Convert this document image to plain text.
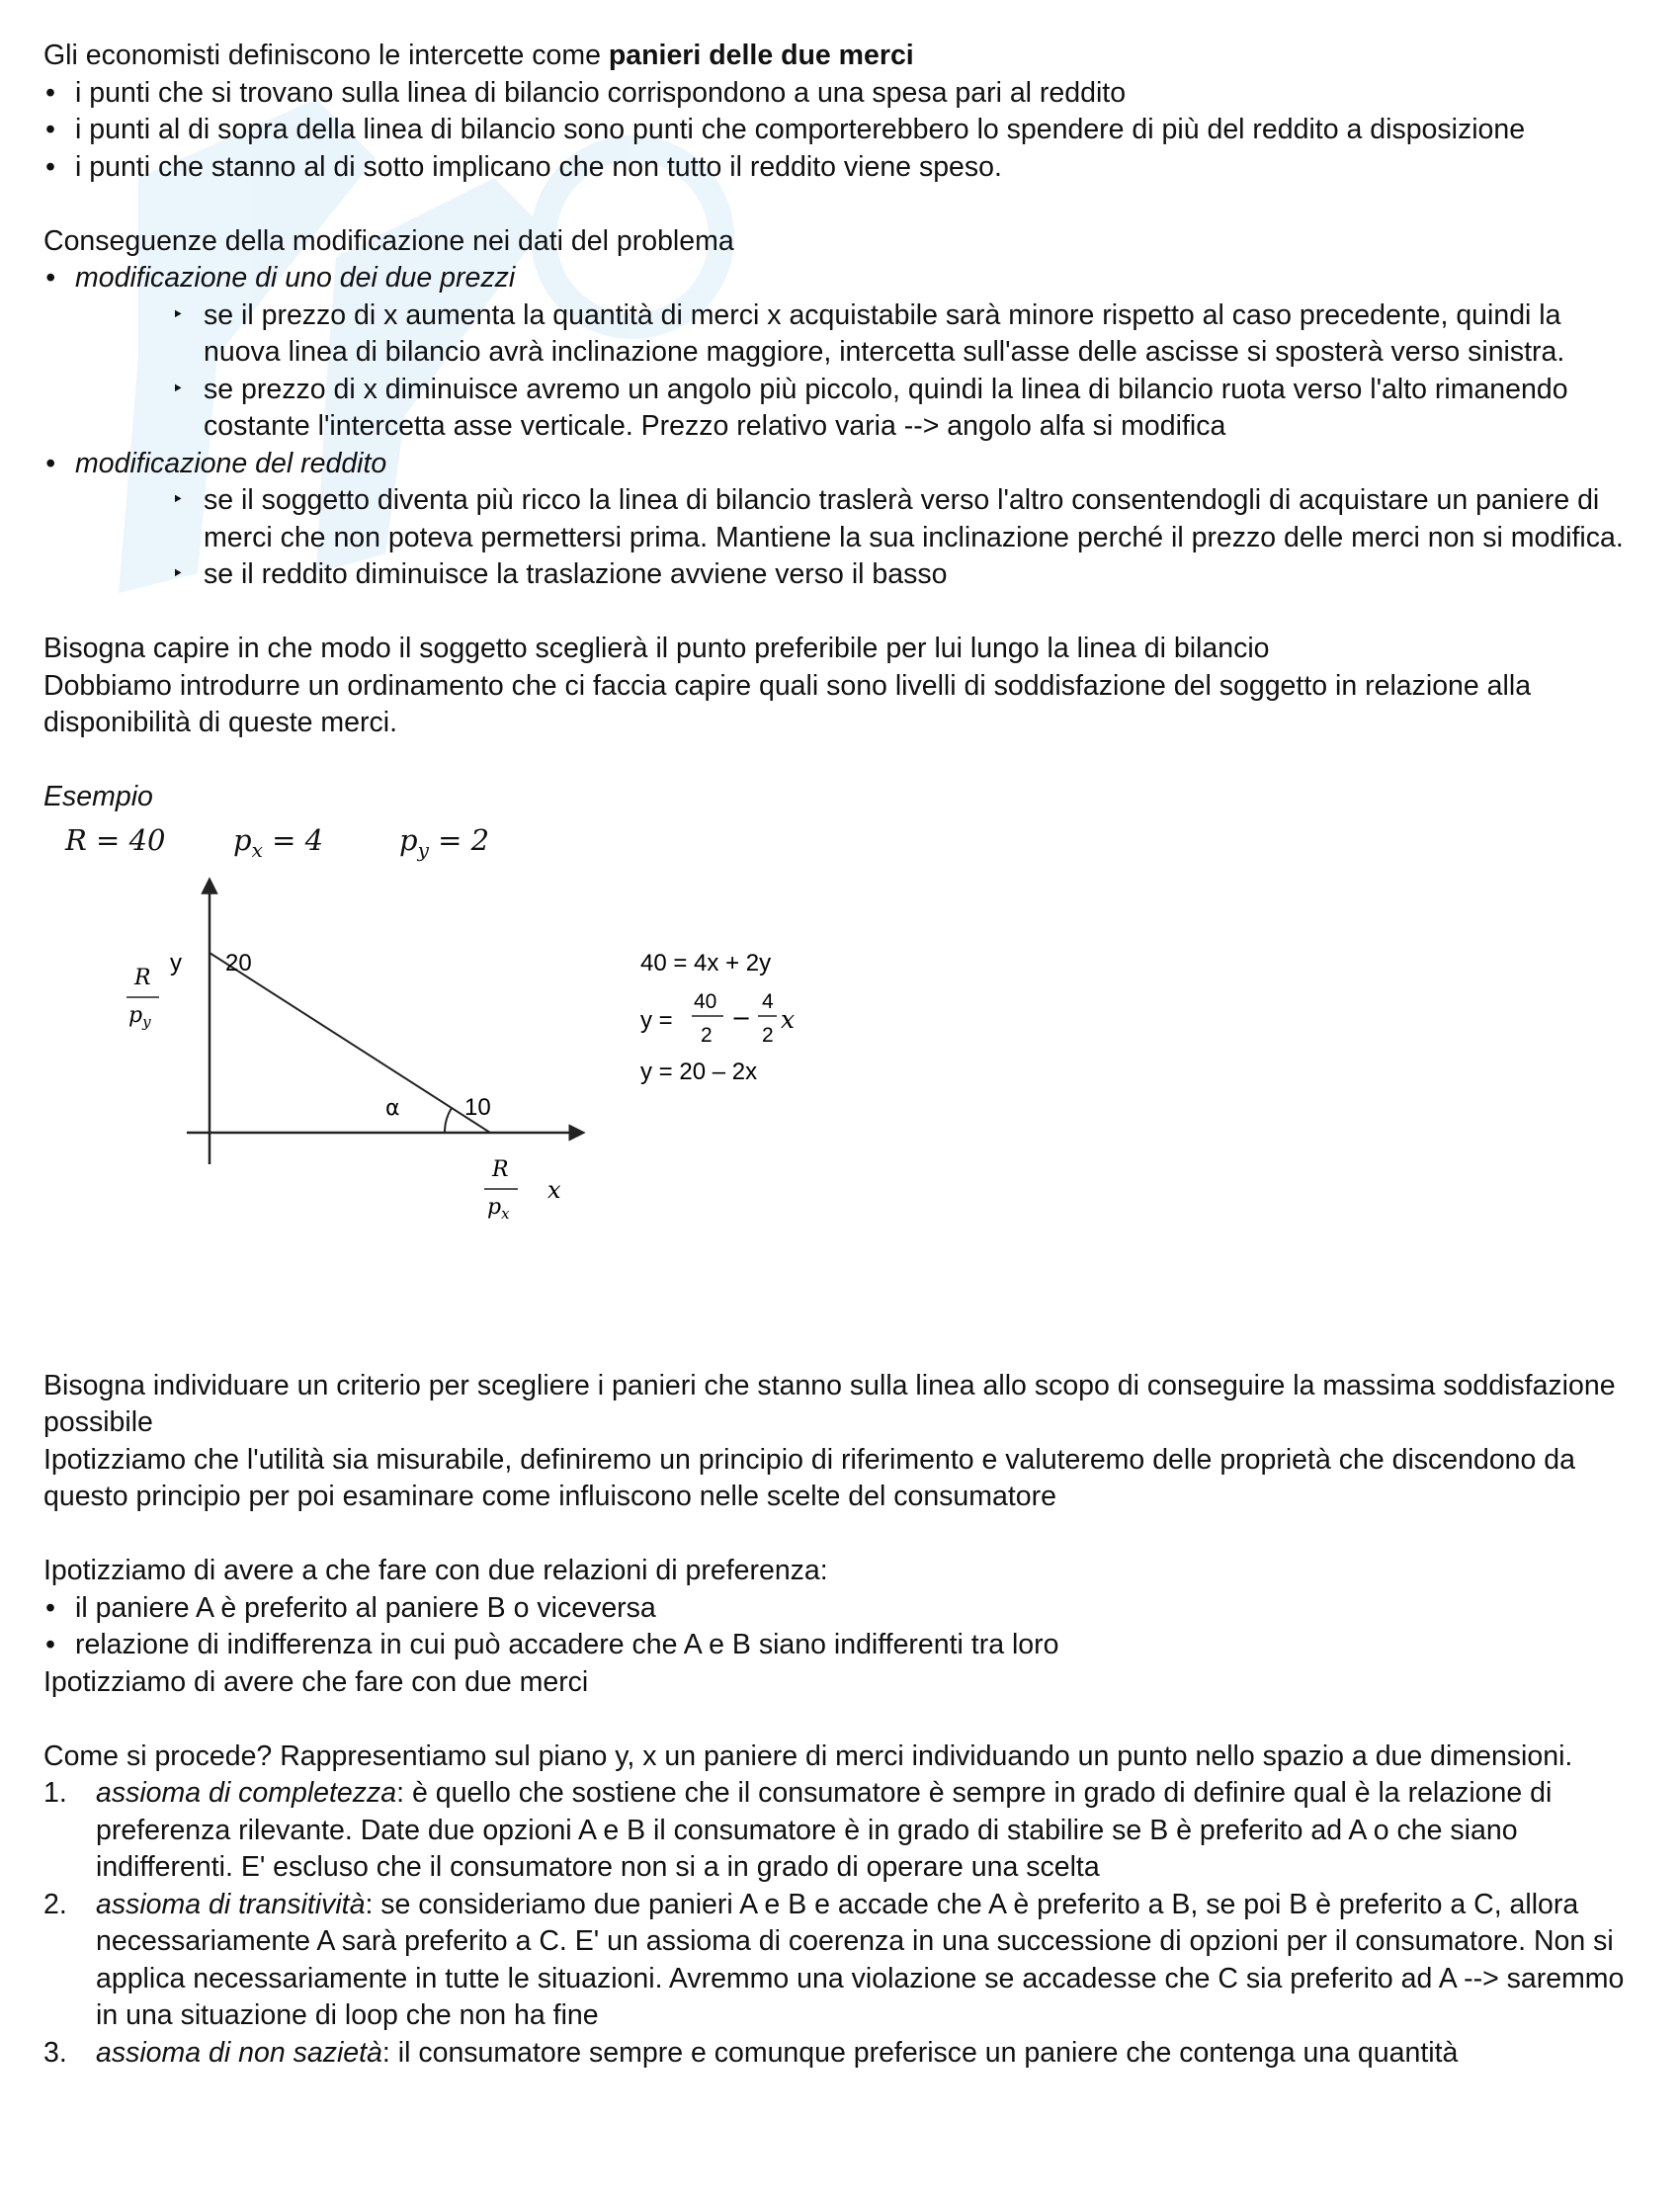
Gli economisti definiscono le intercette come panieri delle due merci

• i punti che si trovano sulla linea di bilancio corrispondono a una spesa pari al reddito
• i punti al di sopra della linea di bilancio sono punti che comporterebbero lo spendere di più del reddito a disposizione
• i punti che stanno al di sotto implicano che non tutto il reddito viene speso.

Conseguenze della modificazione nei dati del problema

• modificazione di uno dei due prezzi
‣ se il prezzo di x aumenta la quantità di merci x acquistabile sarà minore rispetto al caso precedente, quindi la nuova linea di bilancio avrà inclinazione maggiore, intercetta sull'asse delle ascisse si sposterà verso sinistra.
‣ se prezzo di x diminuisce avremo un angolo più piccolo, quindi la linea di bilancio ruota verso l'alto rimanendo costante l'intercetta asse verticale. Prezzo relativo varia --> angolo alfa si modifica
• modificazione del reddito
‣ se il soggetto diventa più ricco la linea di bilancio traslerà verso l'altro consentendogli di acquistare un paniere di merci che non poteva permettersi prima. Mantiene la sua inclinazione perché il prezzo delle merci non si modifica.
‣ se il reddito diminuisce la traslazione avviene verso il basso

Bisogna capire in che modo il soggetto sceglierà il punto preferibile per lui lungo la linea di bilancio

Dobbiamo introdurre un ordinamento che ci faccia capire quali sono livelli di soddisfazione del soggetto in relazione alla disponibilità di queste merci.

Esempio

R = 40 $p_x = 4$	$p_y = 2$
y 20
R
$p_y$
α	10
R
$p_x$
x
40 = 4x + 2y
y =
40
2
−
4
2
x
y = 20 – 2x

Bisogna individuare un criterio per scegliere i panieri che stanno sulla linea allo scopo di conseguire la massima soddisfazione possibile

Ipotizziamo che l'utilità sia misurabile, definiremo un principio di riferimento e valuteremo delle proprietà che discendono da questo principio per poi esaminare come influiscono nelle scelte del consumatore

Ipotizziamo di avere a che fare con due relazioni di preferenza:

• il paniere A è preferito al paniere B o viceversa
• relazione di indifferenza in cui può accadere che A e B siano indifferenti tra loro

Ipotizziamo di avere che fare con due merci

Come si procede? Rappresentiamo sul piano y, x un paniere di merci individuando un punto nello spazio a due dimensioni.

1. assioma di completezza: è quello che sostiene che il consumatore è sempre in grado di definire qual è la relazione di preferenza rilevante. Date due opzioni A e B il consumatore è in grado di stabilire se B è preferito ad A o che siano indifferenti. E' escluso che il consumatore non si a in grado di operare una scelta
2. assioma di transitività: se consideriamo due panieri A e B e accade che A è preferito a B, se poi B è preferito a C, allora necessariamente A sarà preferito a C. E' un assioma di coerenza in una successione di opzioni per il consumatore. Non si applica necessariamente in tutte le situazioni. Avremmo una violazione se accadesse che C sia preferito ad A --> saremmo in una situazione di loop che non ha fine
3. assioma di non sazietà: il consumatore sempre e comunque preferisce un paniere che contenga una quantità
